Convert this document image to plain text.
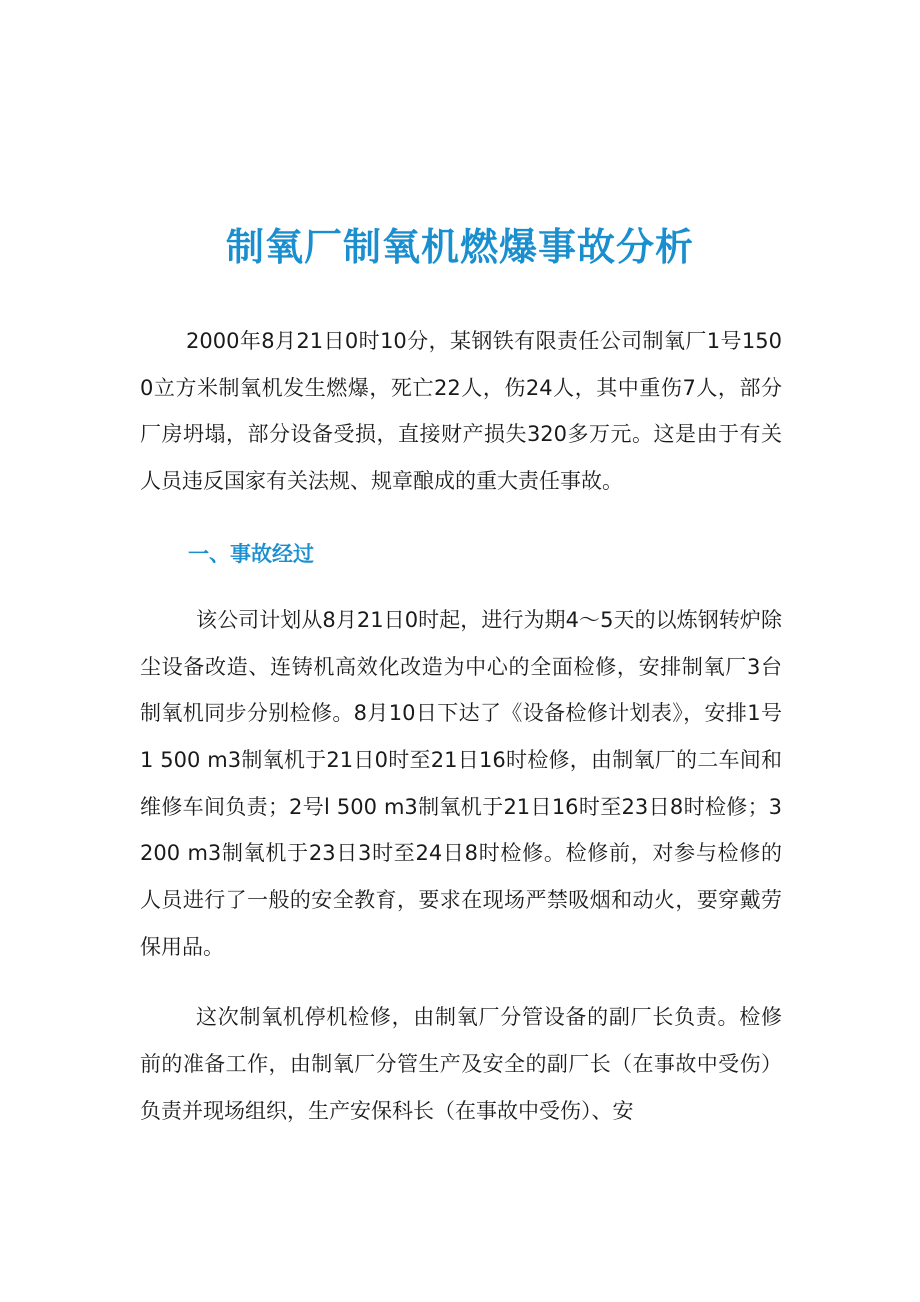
制氧厂制氧机燃爆事故分析

2000年8月21日0时10分，某钢铁有限责任公司制氧厂1号1500立方米制氧机发生燃爆，死亡22人，伤24人，其中重伤7人，部分厂房坍塌，部分设备受损，直接财产损失320多万元。这是由于有关人员违反国家有关法规、规章酿成的重大责任事故。

一、事故经过

该公司计划从8月21日0时起，进行为期4～5天的以炼钢转炉除尘设备改造、连铸机高效化改造为中心的全面检修，安排制氧厂3台制氧机同步分别检修。8月10日下达了《设备检修计划表》，安排1号1 500 m3制氧机于21日0时至21日16时检修，由制氧厂的二车间和维修车间负责；2号l 500 m3制氧机于21日16时至23日8时检修；3 200 m3制氧机于23日3时至24日8时检修。检修前，对参与检修的人员进行了一般的安全教育，要求在现场严禁吸烟和动火，要穿戴劳保用品。

这次制氧机停机检修，由制氧厂分管设备的副厂长负责。检修前的准备工作，由制氧厂分管生产及安全的副厂长（在事故中受伤）负责并现场组织，生产安保科长（在事故中受伤）、安
